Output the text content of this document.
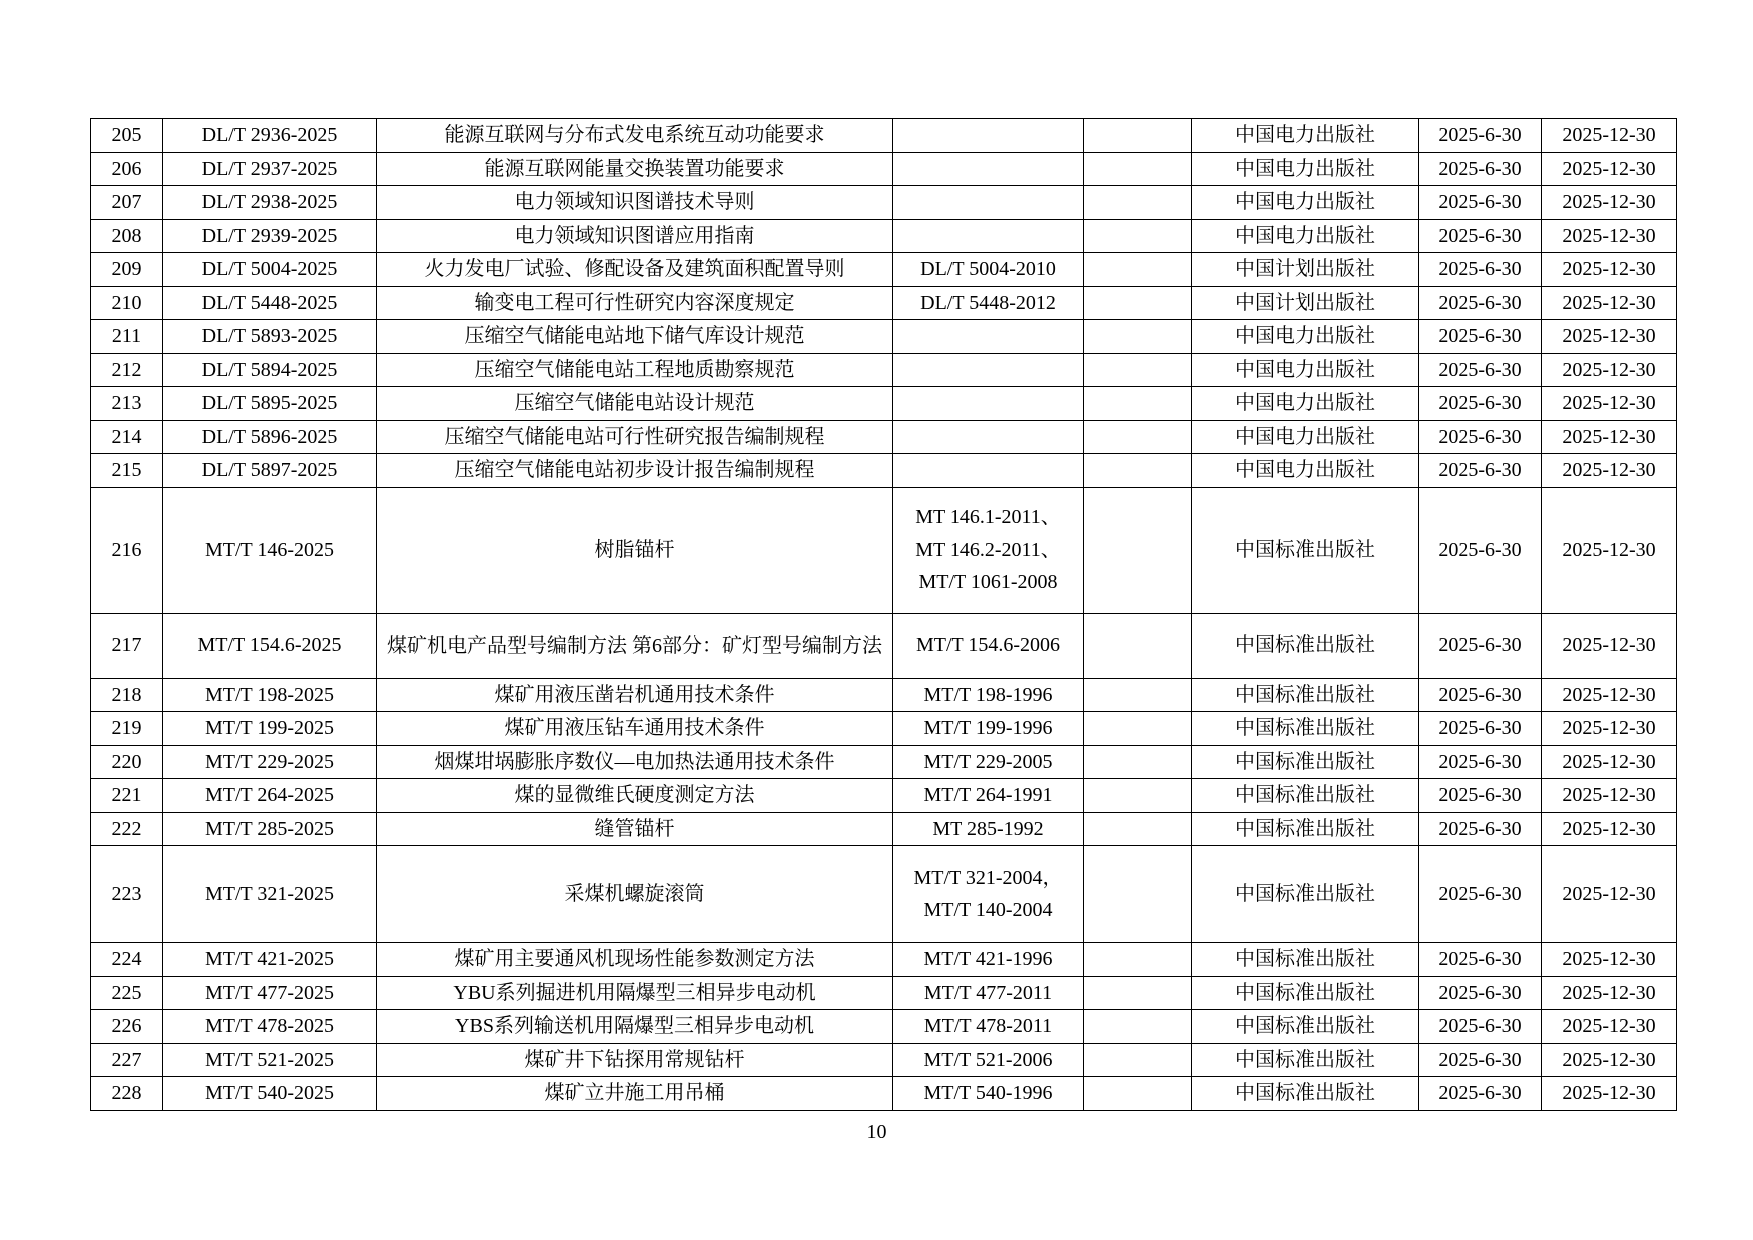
205	DL/T 2936-2025	能源互联网与分布式发电系统互动功能要求			中国电力出版社	2025-6-30	2025-12-30
206	DL/T 2937-2025	能源互联网能量交换装置功能要求			中国电力出版社	2025-6-30	2025-12-30
207	DL/T 2938-2025	电力领域知识图谱技术导则			中国电力出版社	2025-6-30	2025-12-30
208	DL/T 2939-2025	电力领域知识图谱应用指南			中国电力出版社	2025-6-30	2025-12-30
209	DL/T 5004-2025	火力发电厂试验、修配设备及建筑面积配置导则	DL/T 5004-2010		中国计划出版社	2025-6-30	2025-12-30
210	DL/T 5448-2025	输变电工程可行性研究内容深度规定	DL/T 5448-2012		中国计划出版社	2025-6-30	2025-12-30
211	DL/T 5893-2025	压缩空气储能电站地下储气库设计规范			中国电力出版社	2025-6-30	2025-12-30
212	DL/T 5894-2025	压缩空气储能电站工程地质勘察规范			中国电力出版社	2025-6-30	2025-12-30
213	DL/T 5895-2025	压缩空气储能电站设计规范			中国电力出版社	2025-6-30	2025-12-30
214	DL/T 5896-2025	压缩空气储能电站可行性研究报告编制规程			中国电力出版社	2025-6-30	2025-12-30
215	DL/T 5897-2025	压缩空气储能电站初步设计报告编制规程			中国电力出版社	2025-6-30	2025-12-30
216	MT/T 146-2025	树脂锚杆	MT 146.1-2011、
MT 146.2-2011、
MT/T 1061-2008		中国标准出版社	2025-6-30	2025-12-30
217	MT/T 154.6-2025	煤矿机电产品型号编制方法 第6部分：矿灯型号编制方法	MT/T 154.6-2006		中国标准出版社	2025-6-30	2025-12-30
218	MT/T 198-2025	煤矿用液压凿岩机通用技术条件	MT/T 198-1996		中国标准出版社	2025-6-30	2025-12-30
219	MT/T 199-2025	煤矿用液压钻车通用技术条件	MT/T 199-1996		中国标准出版社	2025-6-30	2025-12-30
220	MT/T 229-2025	烟煤坩埚膨胀序数仪—电加热法通用技术条件	MT/T 229-2005		中国标准出版社	2025-6-30	2025-12-30
221	MT/T 264-2025	煤的显微维氏硬度测定方法	MT/T 264-1991		中国标准出版社	2025-6-30	2025-12-30
222	MT/T 285-2025	缝管锚杆	MT 285-1992		中国标准出版社	2025-6-30	2025-12-30
223	MT/T 321-2025	采煤机螺旋滚筒	MT/T 321-2004，
MT/T 140-2004		中国标准出版社	2025-6-30	2025-12-30
224	MT/T 421-2025	煤矿用主要通风机现场性能参数测定方法	MT/T 421-1996		中国标准出版社	2025-6-30	2025-12-30
225	MT/T 477-2025	YBU系列掘进机用隔爆型三相异步电动机	MT/T 477-2011		中国标准出版社	2025-6-30	2025-12-30
226	MT/T 478-2025	YBS系列输送机用隔爆型三相异步电动机	MT/T 478-2011		中国标准出版社	2025-6-30	2025-12-30
227	MT/T 521-2025	煤矿井下钻探用常规钻杆	MT/T 521-2006		中国标准出版社	2025-6-30	2025-12-30
228	MT/T 540-2025	煤矿立井施工用吊桶	MT/T 540-1996		中国标准出版社	2025-6-30	2025-12-30
10
